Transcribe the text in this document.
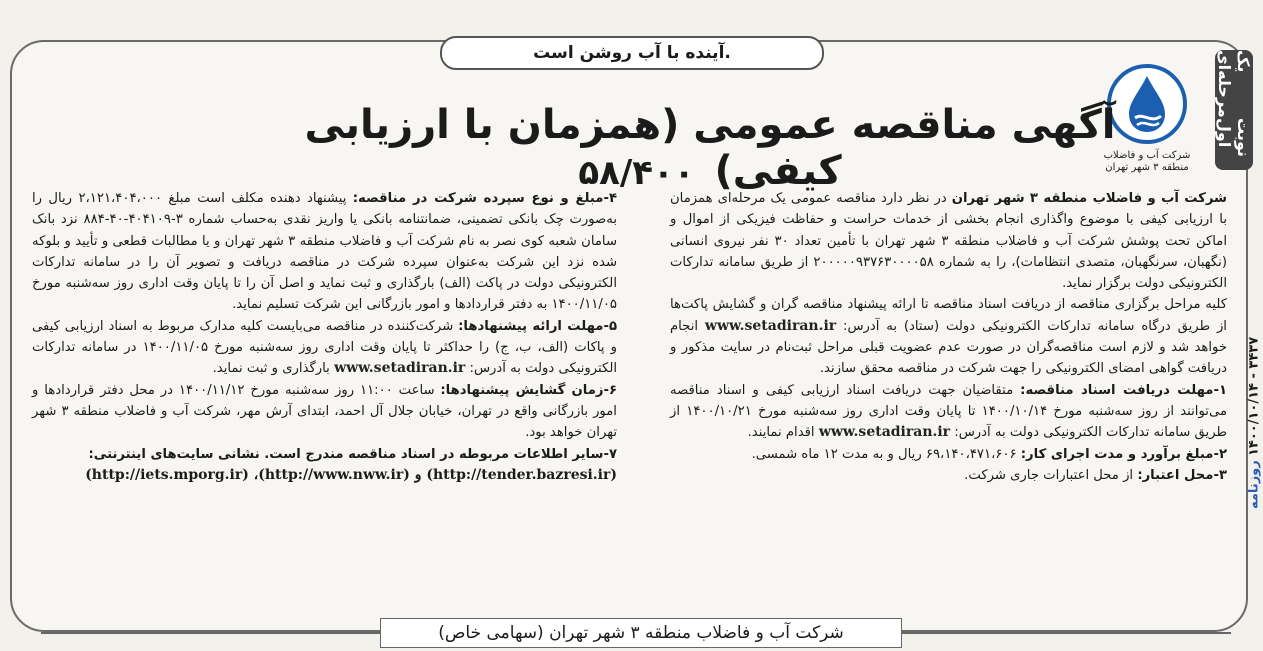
آینده با آب روشن است.	یک مرحله‌ای
نوبت اول
شرکت آب و فاضلاب
منطقه ۳ شهر تهران
آگهی مناقصه عمومی (همزمان با ارزیابی کیفی) ۵۸/۴۰۰

شرکت آب و فاضلاب منطقه ۳ شهر تهران در نظر دارد مناقصه عمومی یک مرحله‌ای همزمان با ارزیابی کیفی با موضوع واگذاری انجام بخشی از خدمات حراست و حفاظت فیزیکی از اموال و اماکن تحت پوشش شرکت آب و فاضلاب منطقه ۳ شهر تهران با تأمین تعداد ۳۰ نفر نیروی انسانی (نگهبان، سرنگهبان، متصدی انتظامات)، را به شماره ۲۰۰۰۰۰۹۳۷۶۳۰۰۰۰۵۸ از طریق سامانه تدارکات الکترونیکی دولت برگزار نماید.

کلیه مراحل برگزاری مناقصه از دریافت اسناد مناقصه تا ارائه پیشنهاد مناقصه گران و گشایش پاکت‌ها از طریق درگاه سامانه تدارکات الکترونیکی دولت (ستاد) به آدرس: www.setadiran.ir انجام خواهد شد و لازم است مناقصه‌گران در صورت عدم عضویت قبلی مراحل ثبت‌نام در سایت مذکور و دریافت گواهی امضای الکترونیکی را جهت شرکت در مناقصه محقق سازند.

۱-مهلت دریافت اسناد مناقصه: متقاضیان جهت دریافت اسناد ارزیابی کیفی و اسناد مناقصه می‌توانند از روز سه‌شنبه مورخ ۱۴۰۰/۱۰/۱۴ تا پایان وقت اداری روز سه‌شنبه مورخ ۱۴۰۰/۱۰/۲۱ از طریق سامانه تدارکات الکترونیکی دولت به آدرس: www.setadiran.ir اقدام نمایند.

۲-مبلغ برآورد و مدت اجرای کار: ۶۹،۱۴۰،۴۷۱،۶۰۶ ریال و به مدت ۱۲ ماه شمسی.

۳-محل اعتبار: از محل اعتبارات جاری شرکت.

۴-مبلغ و نوع سپرده شرکت در مناقصه: پیشنهاد دهنده مکلف است مبلغ ۲،۱۲۱،۴۰۴،۰۰۰ ریال را به‌صورت چک بانکی تضمینی، ضمانتنامه بانکی یا واریز نقدی به‌حساب شماره ۳-۴۰۴۱۰۹-۴۰-۸۸۴ نزد بانک سامان شعبه کوی نصر به نام شرکت آب و فاضلاب منطقه ۳ شهر تهران و یا مطالبات قطعی و تأیید و بلوکه شده نزد این شرکت به‌عنوان سپرده شرکت در مناقصه دریافت و تصویر آن را در سامانه تدارکات الکترونیکی دولت در پاکت (الف) بارگذاری و ثبت نماید و اصل آن را تا پایان وقت اداری روز سه‌شنبه مورخ ۱۴۰۰/۱۱/۰۵ به دفتر قراردادها و امور بازرگانی این شرکت تسلیم نماید.

۵-مهلت ارائه پیشنهادها: شرکت‌کننده در مناقصه می‌بایست کلیه مدارک مربوط به اسناد ارزیابی کیفی و پاکات (الف، ب، ج) را حداکثر تا پایان وقت اداری روز سه‌شنبه مورخ ۱۴۰۰/۱۱/۰۵ در سامانه تدارکات الکترونیکی دولت به آدرس: www.setadiran.ir بارگذاری و ثبت نماید.

۶-زمان گشایش پیشنهادها: ساعت ۱۱:۰۰ روز سه‌شنبه مورخ ۱۴۰۰/۱۱/۱۲ در محل دفتر قراردادها و امور بازرگانی واقع در تهران، خیابان جلال آل احمد، ابتدای آرش مهر، شرکت آب و فاضلاب منطقه ۳ شهر تهران خواهد بود.

۷-سایر اطلاعات مربوطه در اسناد مناقصه مندرج است. نشانی سایت‌های اینترنتی:

(http://iets.mporg.ir) ،(http://www.nww.ir) و (http://tender.bazresi.ir)
شرکت آب و فاضلاب منطقه ۳ شهر تهران (سهامی خاص)
روزنامه
۱۴۰۰/۱۰/۱۴ - ۳۴۳۷
